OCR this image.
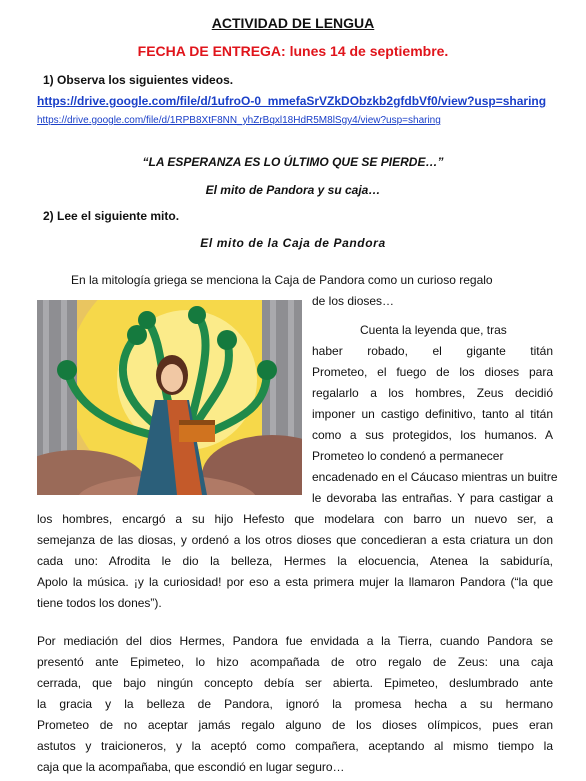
ACTIVIDAD DE LENGUA
FECHA DE ENTREGA: lunes 14 de septiembre.
1) Observa los siguientes videos.
https://drive.google.com/file/d/1ufroO-0_mmefaSrVZkDObzkb2gfdbVf0/view?usp=sharing
https://drive.google.com/file/d/1RPB8XtF8NN_yhZrBqxl18HdR5M8lSgy4/view?usp=sharing
“LA ESPERANZA ES LO ÚLTIMO QUE SE PIERDE…”
El mito de Pandora y su caja…
2) Lee el siguiente mito.
El mito de la Caja de Pandora
En la mitología griega se menciona la Caja de Pandora como un curioso regalo
de los dioses…
Cuenta la leyenda que, tras
haber robado, el gigante titán
Prometeo, el fuego de los dioses para
regalarlo a los hombres, Zeus decidió
imponer un castigo definitivo, tanto al titán
como a sus protegidos, los humanos. A
Prometeo lo condenó a permanecer
encadenado en el Cáucaso mientras un buitre
le devoraba las entrañas. Y para castigar a
los hombres, encargó a su hijo Hefesto que modelara con barro un nuevo ser, a
semejanza de las diosas, y ordenó a los otros dioses que concedieran a esta criatura un don
cada uno: Afrodita le dio la belleza, Hermes la elocuencia, Atenea la sabiduría,
Apolo la música. ¡y la curiosidad! por eso a esta primera mujer la llamaron Pandora (“la que
tiene todos los dones”).
Por mediación del dios Hermes, Pandora fue envidada a la Tierra, cuando Pandora se
presentó ante Epimeteo, lo hizo acompañada de otro regalo de Zeus: una caja
cerrada, que bajo ningún concepto debía ser abierta. Epimeteo, deslumbrado ante
la gracia y la belleza de Pandora, ignoró la promesa hecha a su hermano
Prometeo de no aceptar jamás regalo alguno de los dioses olímpicos, pues eran
astutos y traicioneros, y la aceptó como compañera, aceptando al mismo tiempo la
caja que la acompañaba, que escondió en lugar seguro…
